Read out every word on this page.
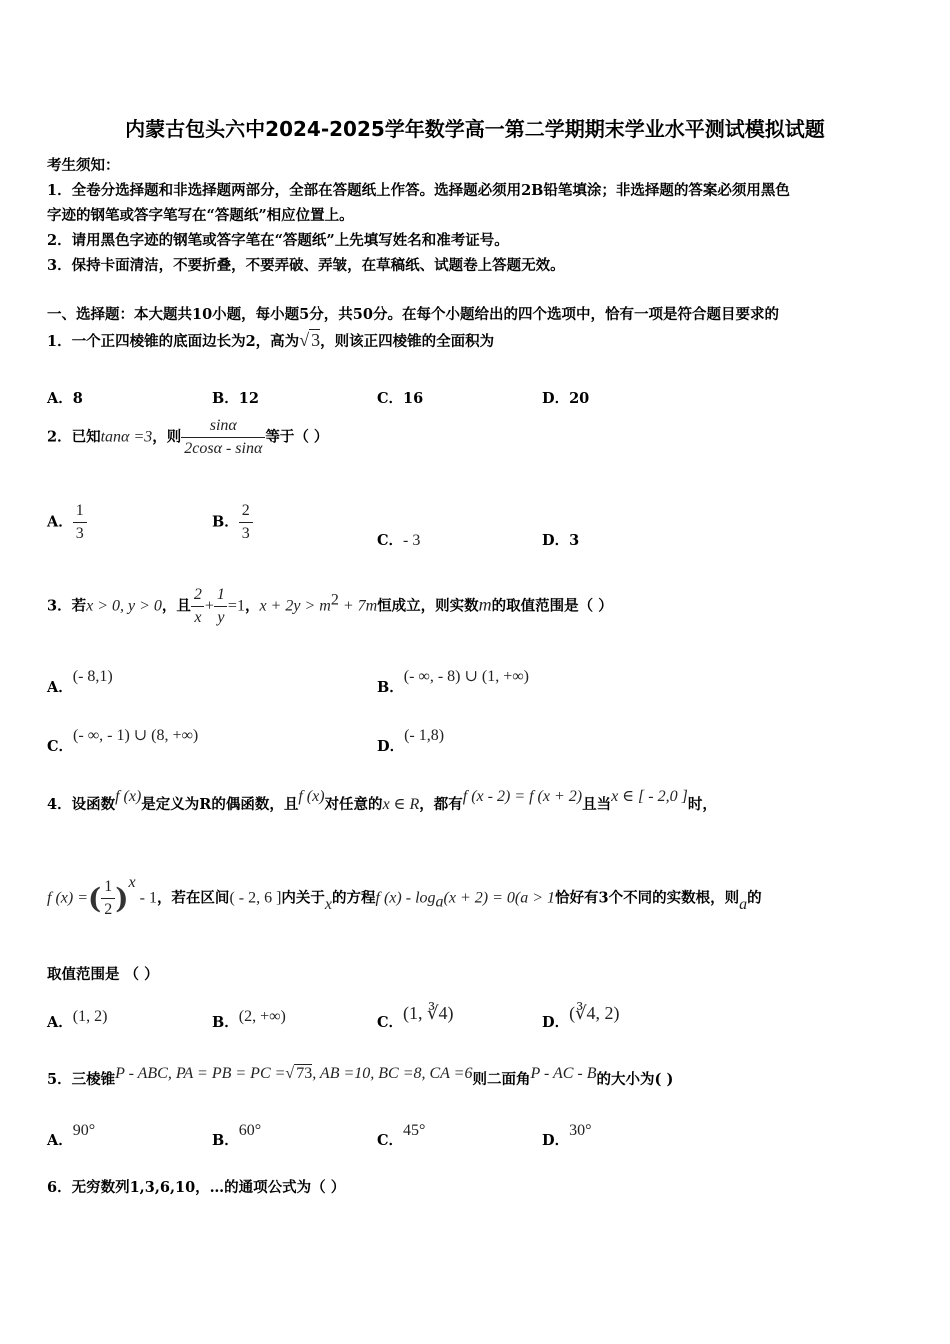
内蒙古包头六中2024-2025学年数学高一第二学期期末学业水平测试模拟试题
考生须知：
1．全卷分选择题和非选择题两部分，全部在答题纸上作答。选择题必须用2B铅笔填涂；非选择题的答案必须用黑色
字迹的钢笔或答字笔写在“答题纸”相应位置上。
2．请用黑色字迹的钢笔或答字笔在“答题纸”上先填写姓名和准考证号。
3．保持卡面清洁，不要折叠，不要弄破、弄皱，在草稿纸、试题卷上答题无效。
一、选择题：本大题共10小题，每小题5分，共50分。在每个小题给出的四个选项中，恰有一项是符合题目要求的
1．一个正四棱锥的底面边长为2，高为√ 3，则该正四棱锥的全面积为
A．8	B．12	C．16	D．20
2．已知tanα =3，则 $\frac{\sin\alpha}{2\cos\alpha - \sin\alpha}$ 等于（ ）
A． $\frac{1}{3}$	B． $\frac{2}{3}$	C．- 3	D．3
3．若x > 0, y > 0，且 $\frac{2}{x} + \frac{1}{y} =1$，$x + 2y > m^2 + 7m$恒成立，则实数m的取值范围是（ ）
A．(- 8,1)
B．(- ∞, - 8) ∪ (1, +∞)
C．(- ∞, - 1) ∪ (8, +∞)
D．(- 1,8)
4．设函数f (x)是定义为R的偶函数，且f (x)对任意的x ∈ R，都有f (x - 2) = f (x + 2)且当x ∈ [ - 2,0 ]时，
f (x) =( $\frac{1}{2} )^x - 1$，若在区间( - 2, 6 ]内关于x的方程f $(x) - \log_a(x + 2) = 0(a > 1$恰好有3个不同的实数根，则a的
取值范围是 （ ）
A．(1, 2)	B．(2, +∞)	C．(1, ∛4)	D．(∛4, 2)
5．三棱锥P - ABC, PA = PB = PC =√ 73, AB =10, BC =8, CA =6则二面角P - AC - B的大小为( )
A．90°
B．60°
C．45°
D．30°
6．无穷数列1,3,6,10，…的通项公式为（ ）
